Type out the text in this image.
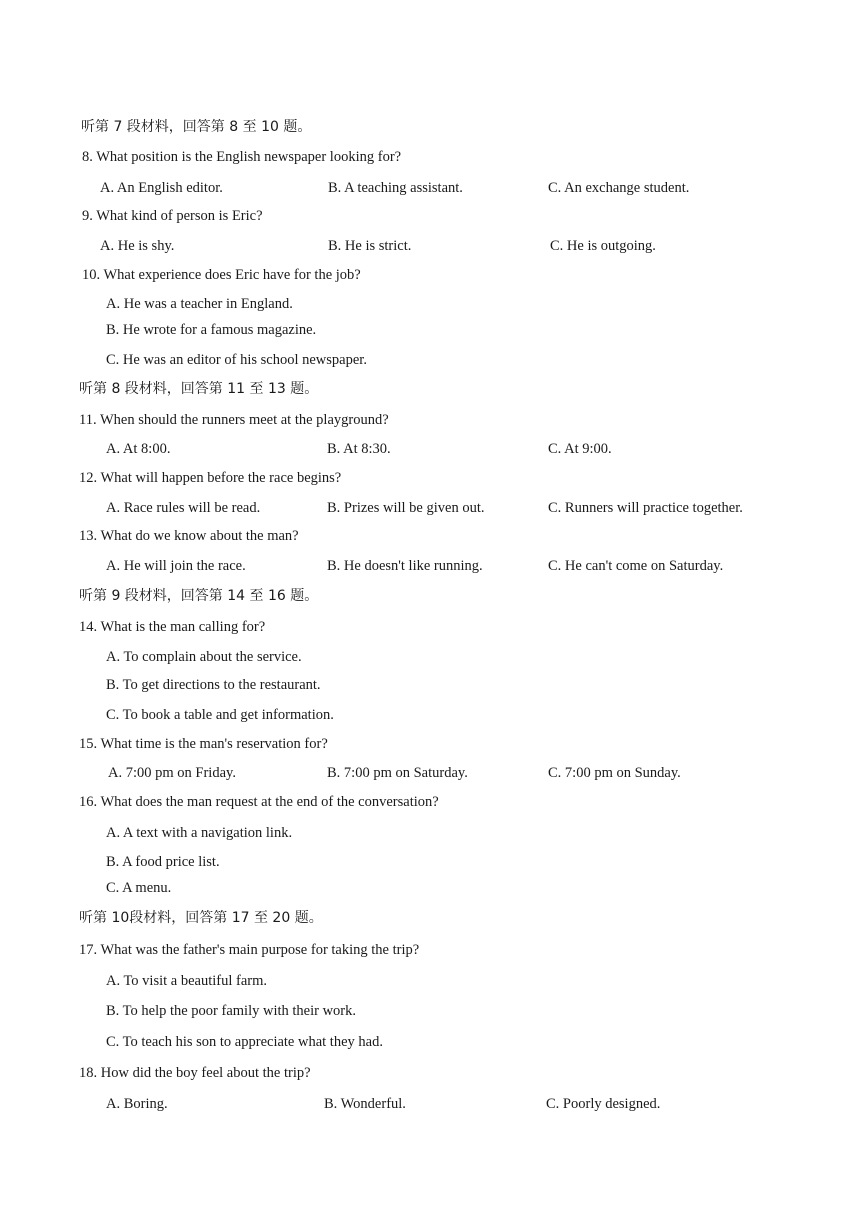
听第 7 段材料，回答第 8 至 10 题。
8. What position is the English newspaper looking for?
A. An English editor.	B. A teaching assistant.	C. An exchange student.
9. What kind of person is Eric?
A. He is shy.	B. He is strict.	C. He is outgoing.
10. What experience does Eric have for the job?
A. He was a teacher in England.
B. He wrote for a famous magazine.
C. He was an editor of his school newspaper.
听第 8 段材料，回答第 11 至 13 题。
11. When should the runners meet at the playground?
A. At 8:00.	B. At 8:30.	C. At 9:00.
12. What will happen before the race begins?
A. Race rules will be read.	B. Prizes will be given out.	C. Runners will practice together.
13. What do we know about the man?
A. He will join the race.	B. He doesn't like running.	C. He can't come on Saturday.
听第 9 段材料，回答第 14 至 16 题。
14. What is the man calling for?
A. To complain about the service.
B. To get directions to the restaurant.
C. To book a table and get information.
15. What time is the man's reservation for?
A. 7:00 pm on Friday.	B. 7:00 pm on Saturday.	C. 7:00 pm on Sunday.
16. What does the man request at the end of the conversation?
A. A text with a navigation link.
B. A food price list.
C. A menu.
听第 10段材料，回答第 17 至 20 题。
17. What was the father's main purpose for taking the trip?
A. To visit a beautiful farm.
B. To help the poor family with their work.
C. To teach his son to appreciate what they had.
18. How did the boy feel about the trip?
A. Boring.	B. Wonderful.	C. Poorly designed.
